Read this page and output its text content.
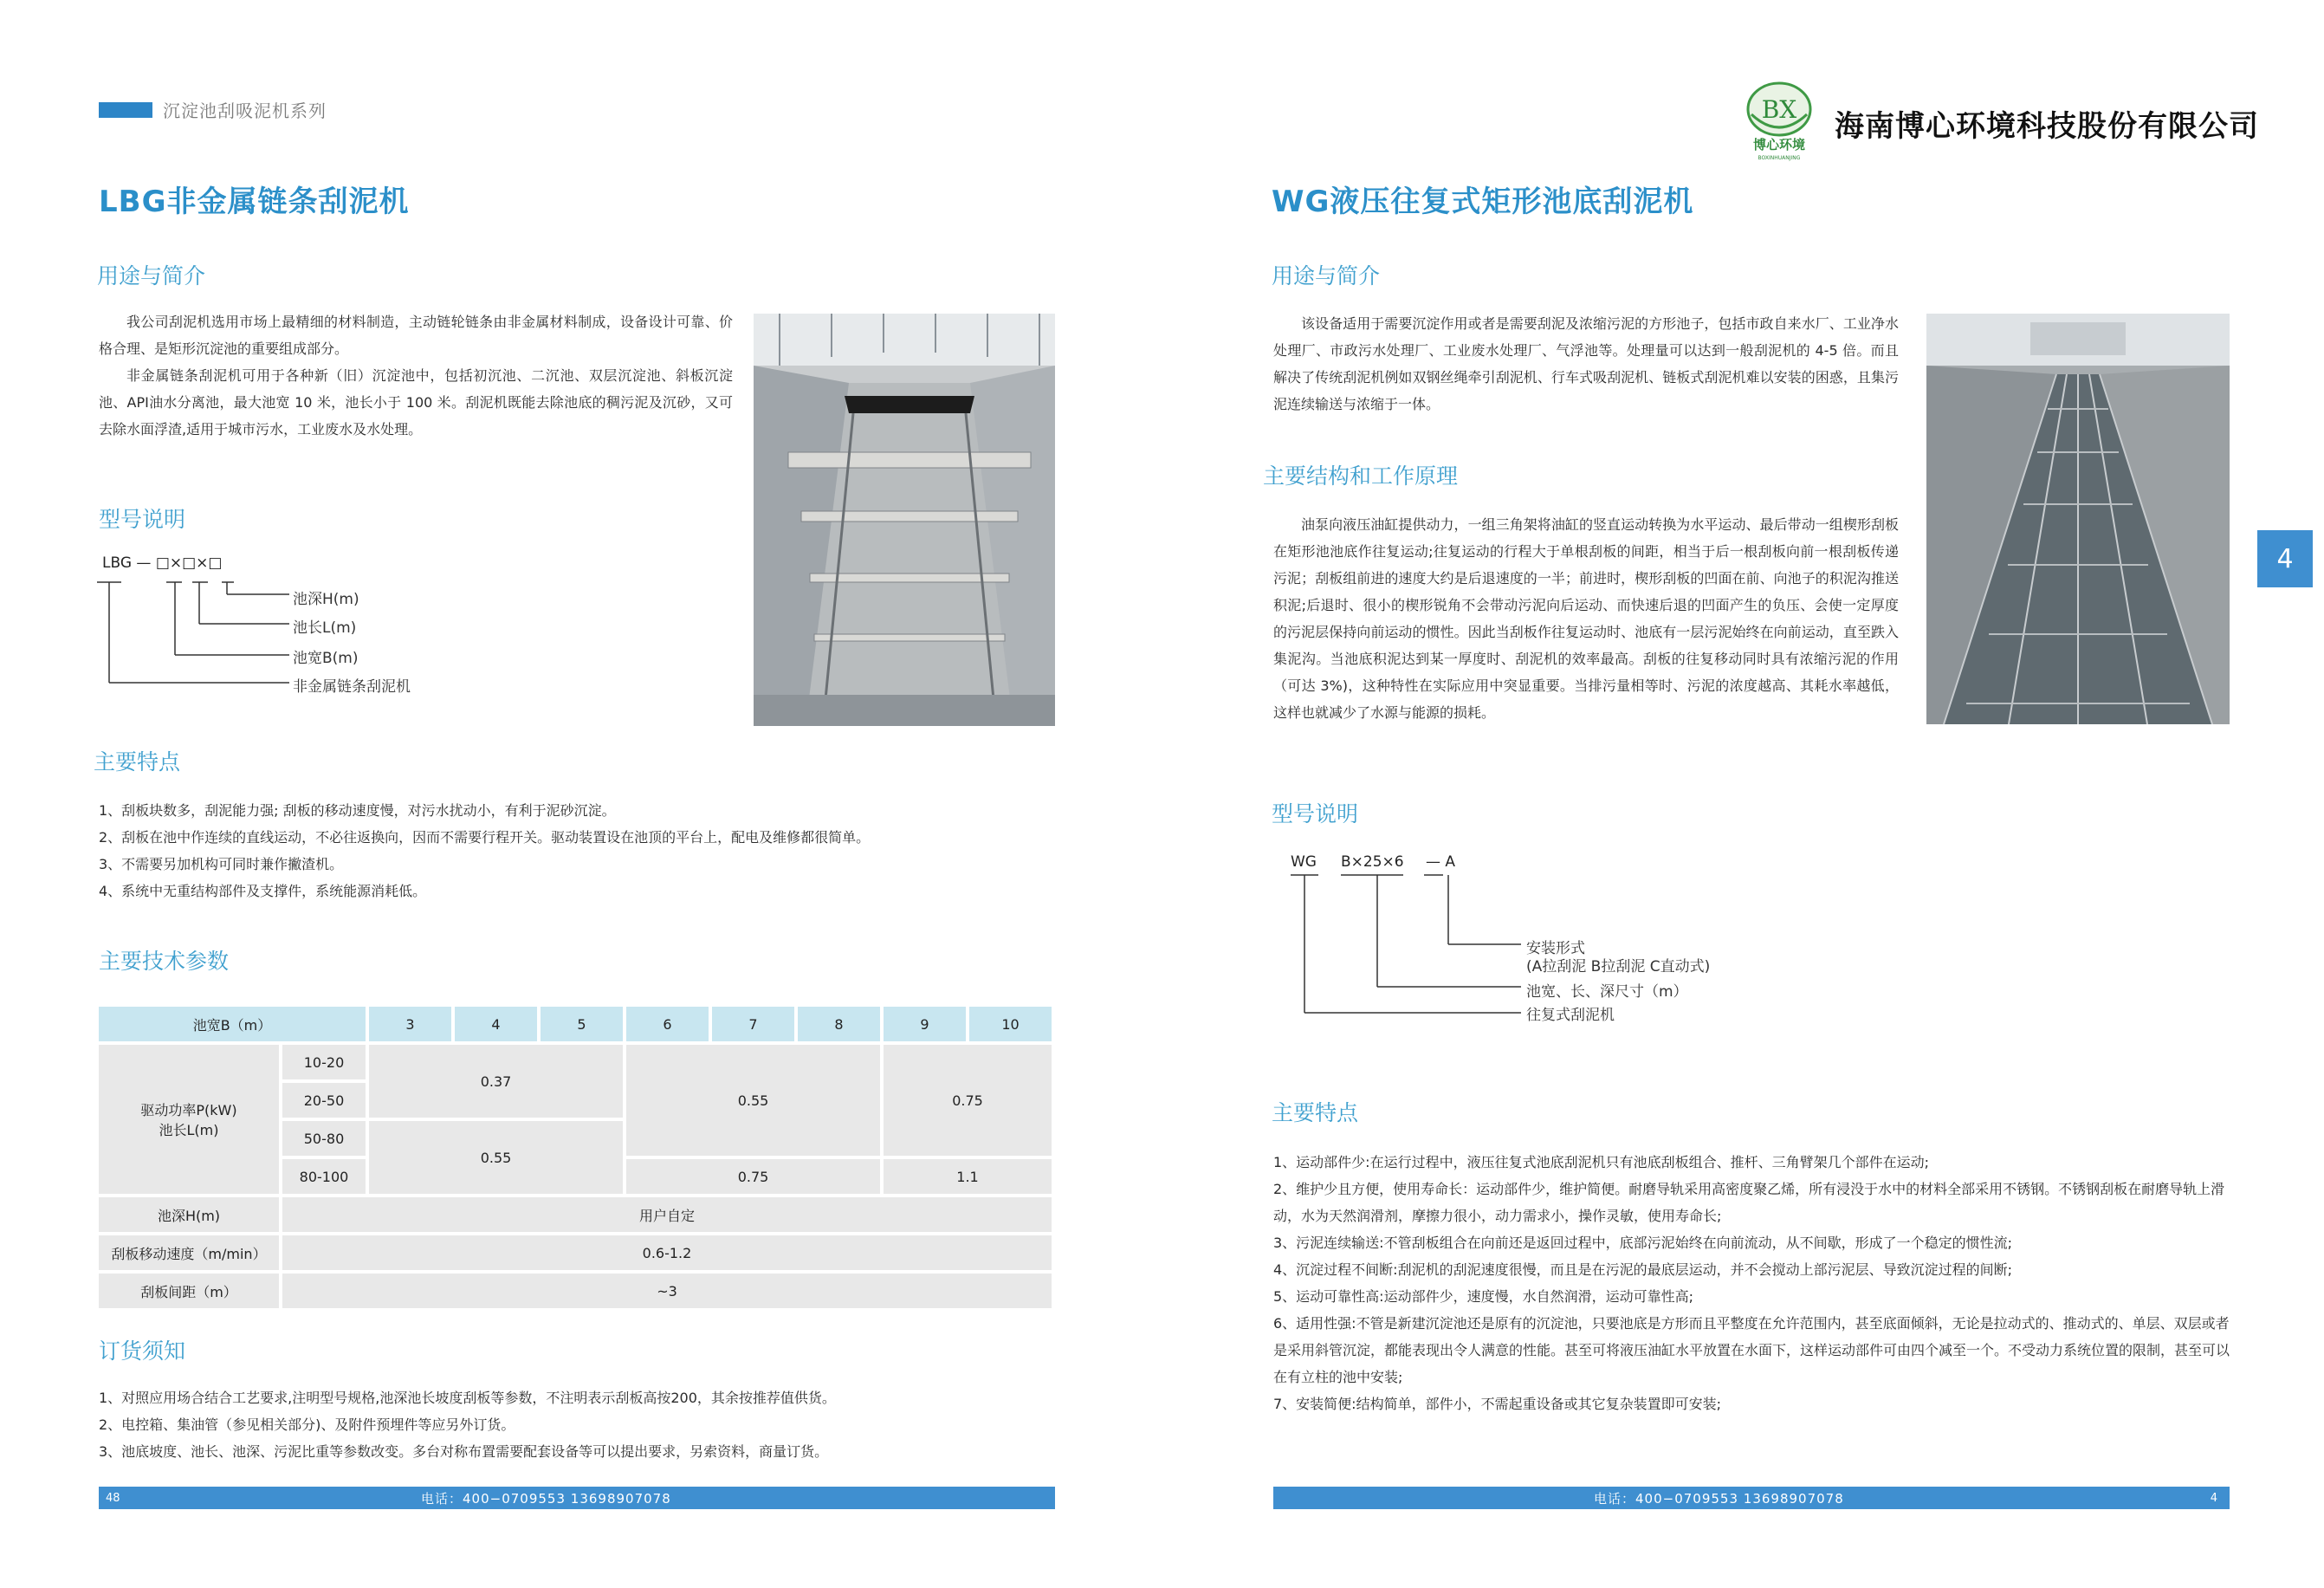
沉淀池刮吸泥机系列
LBG非金属链条刮泥机
用途与简介

我公司刮泥机选用市场上最精细的材料制造，主动链轮链条由非金属材料制成，设备设计可靠、价格合理、是矩形沉淀池的重要组成部分。

非金属链条刮泥机可用于各种新（旧）沉淀池中，包括初沉池、二沉池、双层沉淀池、斜板沉淀池、API油水分离池，最大池宽 10 米，池长小于 100 米。刮泥机既能去除池底的稠污泥及沉砂，又可去除水面浮渣,适用于城市污水，工业废水及水处理。

型号说明
LBG — □×□×□
池深H(m)
池长L(m)
池宽B(m)
非金属链条刮泥机
主要特点
1、刮板块数多，刮泥能力强; 刮板的移动速度慢，对污水扰动小，有利于泥砂沉淀。
2、刮板在池中作连续的直线运动，不必往返换向，因而不需要行程开关。驱动装置设在池顶的平台上，配电及维修都很简单。
3、不需要另加机构可同时兼作撇渣机。
4、系统中无重结构部件及支撑件，系统能源消耗低。
主要技术参数
池宽B（m）		3	4	5	6	7	8	9	10

驱动功率P(kW)
池长L(m)	10-20	0.37			0.55			0.75	
	20-50								
	50-80	0.55							
	80-100				0.75			1.1	
池深H(m)	用户自定								
刮板移动速度（m/min）	0.6-1.2								
刮板间距（m）	~3								
订货须知
1、对照应用场合结合工艺要求,注明型号规格,池深池长坡度刮板等参数，不注明表示刮板高按200，其余按推荐值供货。
2、电控箱、集油管（参见相关部分)、及附件预埋件等应另外订货。
3、池底坡度、池长、池深、污泥比重等参数改变。多台对称布置需要配套设备等可以提出要求，另索资料，商量订货。
48	电话：400−0709553 13698907078
BX
博心环境
BOXINHUANJING
海南博心环境科技股份有限公司
WG液压往复式矩形池底刮泥机
用途与简介

该设备适用于需要沉淀作用或者是需要刮泥及浓缩污泥的方形池子，包括市政自来水厂、工业净水处理厂、市政污水处理厂、工业废水处理厂、气浮池等。处理量可以达到一般刮泥机的 4-5 倍。而且解决了传统刮泥机例如双钢丝绳牵引刮泥机、行车式吸刮泥机、链板式刮泥机难以安装的困惑，且集污泥连续输送与浓缩于一体。

主要结构和工作原理

油泵向液压油缸提供动力，一组三角架将油缸的竖直运动转换为水平运动、最后带动一组楔形刮板在矩形池池底作往复运动;往复运动的行程大于单根刮板的间距，相当于后一根刮板向前一根刮板传递污泥；刮板组前进的速度大约是后退速度的一半；前进时，楔形刮板的凹面在前、向池子的积泥沟推送积泥;后退时、很小的楔形锐角不会带动污泥向后运动、而快速后退的凹面产生的负压、会使一定厚度的污泥层保持向前运动的惯性。因此当刮板作往复运动时、池底有一层污泥始终在向前运动，直至跌入集泥沟。当池底积泥达到某一厚度时、刮泥机的效率最高。刮板的往复移动同时具有浓缩污泥的作用（可达 3%)，这种特性在实际应用中突显重要。当排污量相等时、污泥的浓度越高、其耗水率越低，这样也就减少了水源与能源的损耗。

型号说明
WG B×25×6 — A
安装形式
(A拉刮泥 B拉刮泥 C直动式)
池宽、长、深尺寸（m）
往复式刮泥机
主要特点
1、运动部件少:在运行过程中，液压往复式池底刮泥机只有池底刮板组合、推杆、三角臂架几个部件在运动;
2、维护少且方便，使用寿命长：运动部件少，维护简便。耐磨导轨采用高密度聚乙烯，所有浸没于水中的材料全部采用不锈钢。不锈钢刮板在耐磨导轨上滑动，水为天然润滑剂，摩擦力很小，动力需求小，操作灵敏，使用寿命长;
3、污泥连续输送:不管刮板组合在向前还是返回过程中，底部污泥始终在向前流动，从不间歇，形成了一个稳定的惯性流;
4、沉淀过程不间断:刮泥机的刮泥速度很慢，而且是在污泥的最底层运动，并不会搅动上部污泥层、导致沉淀过程的间断;
5、运动可靠性高:运动部件少，速度慢，水自然润滑，运动可靠性高;
6、适用性强:不管是新建沉淀池还是原有的沉淀池，只要池底是方形而且平整度在允许范围内，甚至底面倾斜，无论是拉动式的、推动式的、单层、双层或者是采用斜管沉淀，都能表现出令人满意的性能。甚至可将液压油缸水平放置在水面下，这样运动部件可由四个减至一个。不受动力系统位置的限制，甚至可以在有立柱的池中安装;
7、安装简便:结构简单，部件小，不需起重设备或其它复杂装置即可安装;
电话：400−0709553 13698907078	4
4
